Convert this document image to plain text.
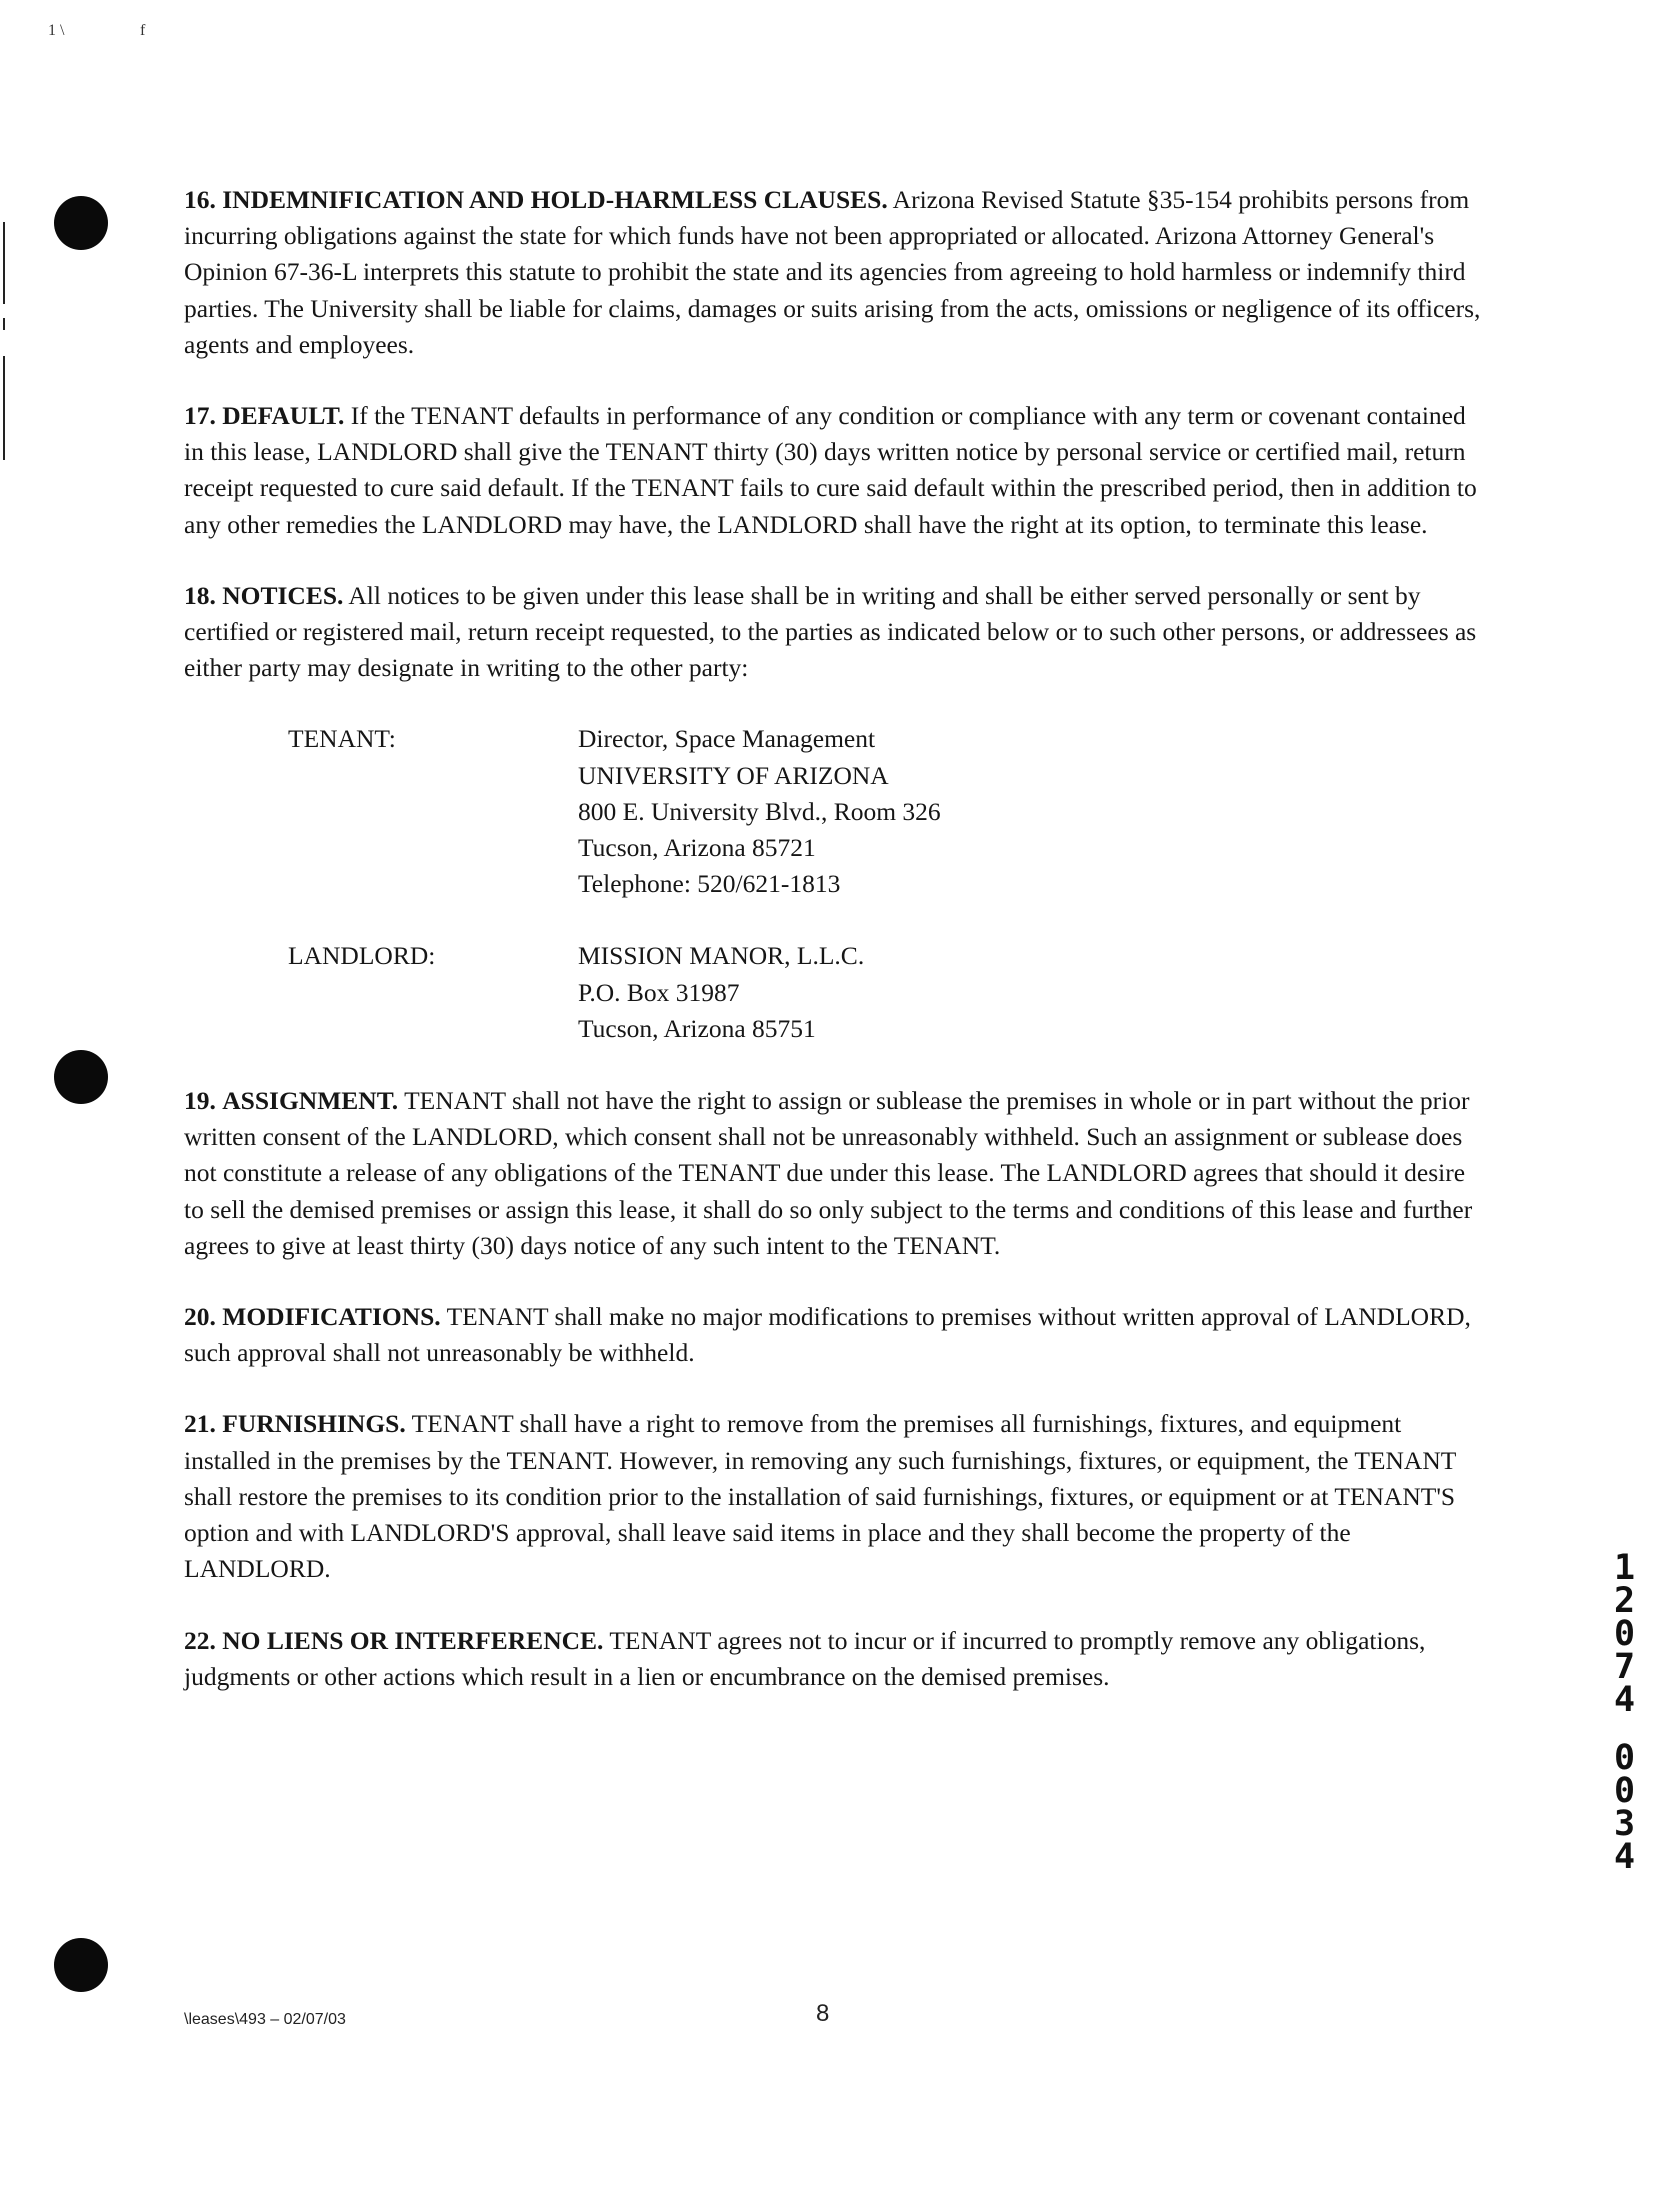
1 \	f

16. INDEMNIFICATION AND HOLD-HARMLESS CLAUSES. Arizona Revised Statute §35-154 prohibits persons from incurring obligations against the state for which funds have not been appropriated or allocated. Arizona Attorney General's Opinion 67-36-L interprets this statute to prohibit the state and its agencies from agreeing to hold harmless or indemnify third parties. The University shall be liable for claims, damages or suits arising from the acts, omissions or negligence of its officers, agents and employees.

17. DEFAULT. If the TENANT defaults in performance of any condition or compliance with any term or covenant contained in this lease, LANDLORD shall give the TENANT thirty (30) days written notice by personal service or certified mail, return receipt requested to cure said default. If the TENANT fails to cure said default within the prescribed period, then in addition to any other remedies the LANDLORD may have, the LANDLORD shall have the right at its option, to terminate this lease.

18. NOTICES. All notices to be given under this lease shall be in writing and shall be either served personally or sent by certified or registered mail, return receipt requested, to the parties as indicated below or to such other persons, or addressees as either party may designate in writing to the other party:

TENANT:	Director, Space Management
UNIVERSITY OF ARIZONA
800 E. University Blvd., Room 326
Tucson, Arizona 85721
Telephone: 520/621-1813
LANDLORD:	MISSION MANOR, L.L.C.
P.O. Box 31987
Tucson, Arizona 85751

19. ASSIGNMENT. TENANT shall not have the right to assign or sublease the premises in whole or in part without the prior written consent of the LANDLORD, which consent shall not be unreasonably withheld. Such an assignment or sublease does not constitute a release of any obligations of the TENANT due under this lease. The LANDLORD agrees that should it desire to sell the demised premises or assign this lease, it shall do so only subject to the terms and conditions of this lease and further agrees to give at least thirty (30) days notice of any such intent to the TENANT.

20. MODIFICATIONS. TENANT shall make no major modifications to premises without written approval of LANDLORD, such approval shall not unreasonably be withheld.

21. FURNISHINGS. TENANT shall have a right to remove from the premises all furnishings, fixtures, and equipment installed in the premises by the TENANT. However, in removing any such furnishings, fixtures, or equipment, the TENANT shall restore the premises to its condition prior to the installation of said furnishings, fixtures, or equipment or at TENANT'S option and with LANDLORD'S approval, shall leave said items in place and they shall become the property of the LANDLORD.

22. NO LIENS OR INTERFERENCE. TENANT agrees not to incur or if incurred to promptly remove any obligations, judgments or other actions which result in a lien or encumbrance on the demised premises.

1
2
0
7
4
0
0
3
4
\leases\493 – 02/07/03	8
